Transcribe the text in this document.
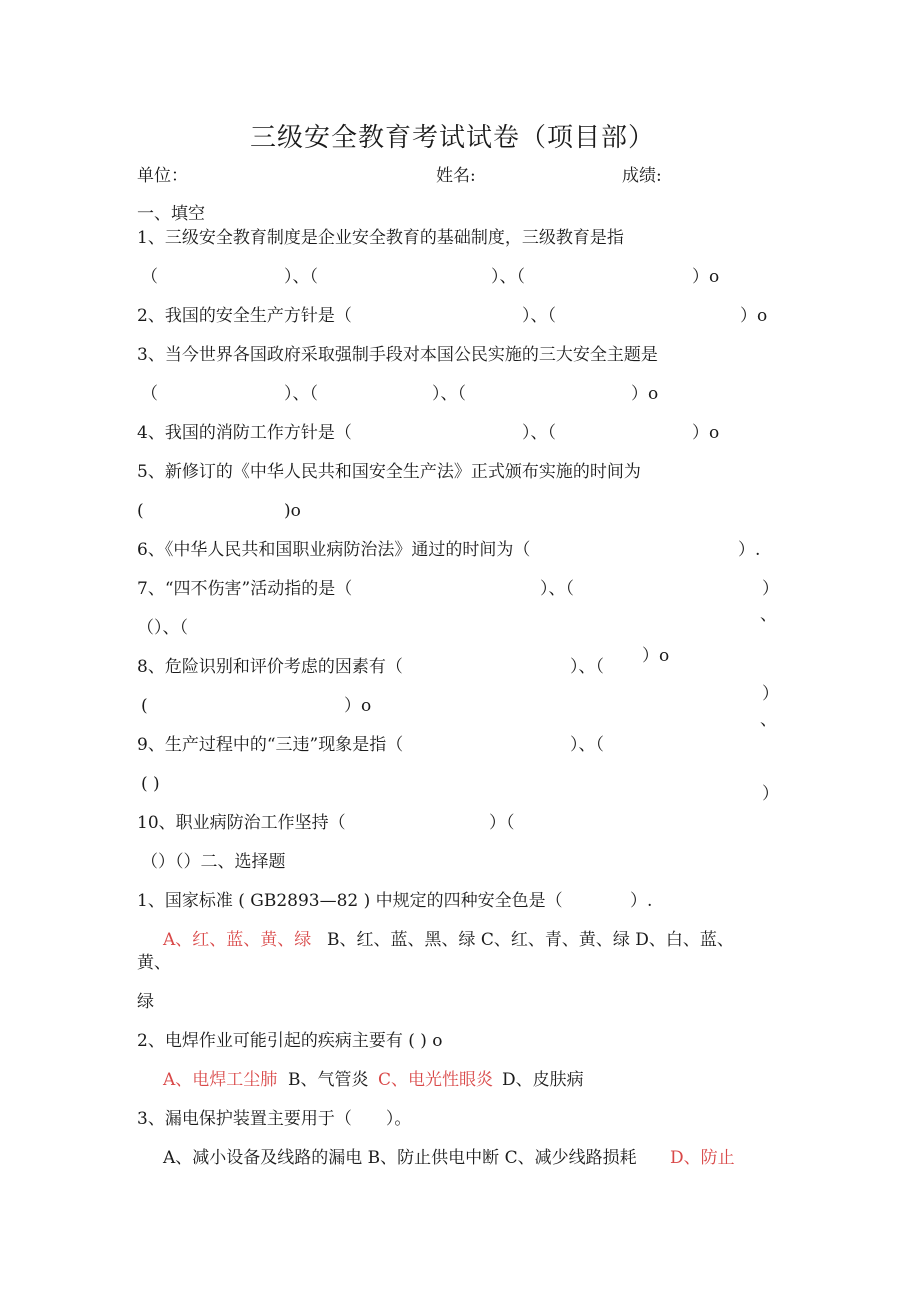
三级安全教育考试试卷（项目部）
单位：	姓名:	成绩:
一、填空
1、三级安全教育制度是企业安全教育的基础制度，三级教育是指
（	）、（	）、（	）o
2、我国的安全生产方针是（	）、（	）o
3、当今世界各国政府采取强制手段对本国公民实施的三大安全主题是
（	）、（	）、（	）o
4、我国的消防工作方针是（	）、（	）o
5、新修订的《中华人民共和国安全生产法》正式颁布实施的时间为
(	)o
6、《中华人民共和国职业病防治法》通过的时间为（	）.
7、“四不伤害”活动指的是（	）、（	）
、
（）、（
8、危险识别和评价考虑的因素有（	）、（
）o
）
、
(	）o
9、生产过程中的“三违”现象是指（	）、（
( )	）
10、职业病防治工作坚持（	）（
（）（）二、选择题
1、国家标准 ( GB2893—82 ) 中规定的四种安全色是（	）.
A、红、蓝、黄、绿 B、红、蓝、黑、绿 C、红、青、黄、绿 D、白、蓝、
黄、
绿
2、电焊作业可能引起的疾病主要有 ( ) o
A、电焊工尘肺 B、气管炎 C、电光性眼炎 D、皮肤病
3、漏电保护装置主要用于（　　）。
A、减小设备及线路的漏电 B、防止供电中断 C、减少线路损耗 D、防止
